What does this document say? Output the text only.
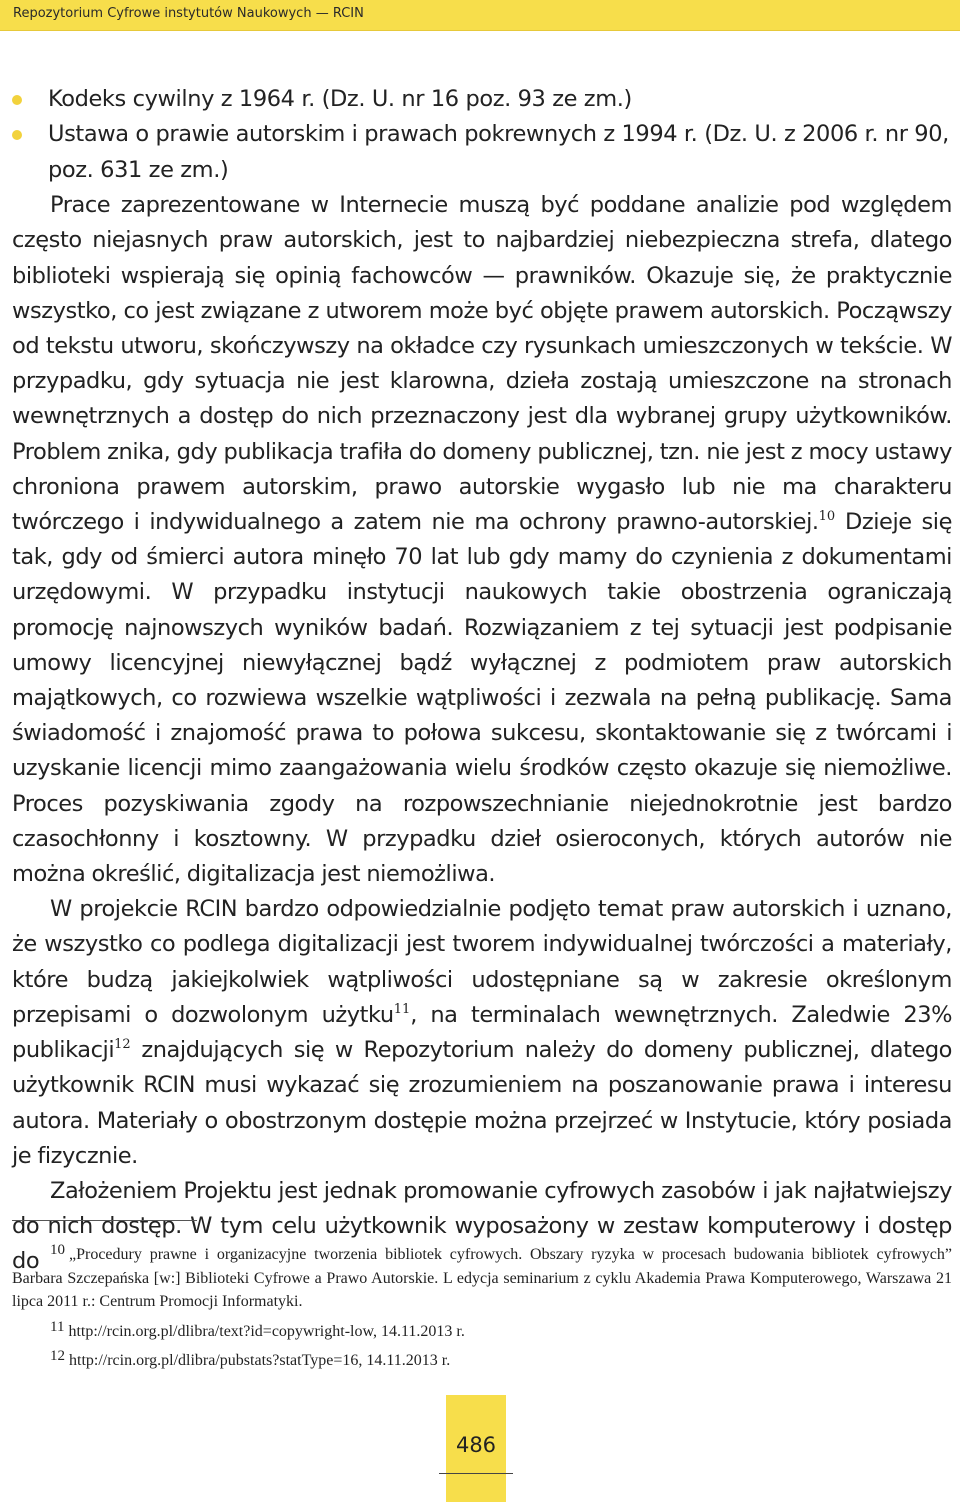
Repozytorium Cyfrowe instytutów Naukowych — RCIN
Kodeks cywilny z 1964 r. (Dz. U. nr 16 poz. 93 ze zm.)
Ustawa o prawie autorskim i prawach pokrewnych z 1994 r. (Dz. U. z 2006 r. nr 90, poz. 631 ze zm.)

Prace zaprezentowane w Internecie muszą być poddane analizie pod względem często niejasnych praw autorskich, jest to najbardziej niebezpieczna strefa, dlatego biblioteki wspierają się opinią fachowców — prawników. Okazuje się, że praktycznie wszystko, co jest związane z utworem może być objęte prawem autorskich. Począwszy od tekstu utworu, skończywszy na okładce czy rysunkach umieszczonych w tekście. W przypadku, gdy sytuacja nie jest klarowna, dzieła zostają umieszczone na stronach wewnętrznych a dostęp do nich przeznaczony jest dla wybranej grupy użytkowników. Problem znika, gdy publikacja trafiła do domeny publicznej, tzn. nie jest z mocy ustawy chroniona prawem autorskim, prawo autorskie wygasło lub nie ma charakteru twórczego i indywidualnego a zatem nie ma ochrony prawno-autorskiej.$^{10}$ Dzieje się tak, gdy od śmierci autora minęło 70 lat lub gdy mamy do czynienia z dokumentami urzędowymi. W przypadku instytucji naukowych takie obostrzenia ograniczają promocję najnowszych wyników badań. Rozwiązaniem z tej sytuacji jest podpisanie umowy licencyjnej niewyłącznej bądź wyłącznej z podmiotem praw autorskich majątkowych, co rozwiewa wszelkie wątpliwości i zezwala na pełną publikację. Sama świadomość i znajomość prawa to połowa sukcesu, skontaktowanie się z twórcami i uzyskanie licencji mimo zaangażowania wielu środków często okazuje się niemożliwe. Proces pozyskiwania zgody na rozpowszechnianie niejednokrotnie jest bardzo czasochłonny i kosztowny. W przypadku dzieł osieroconych, których autorów nie można określić, digitalizacja jest niemożliwa.

W projekcie RCIN bardzo odpowiedzialnie podjęto temat praw autorskich i uznano, że wszystko co podlega digitalizacji jest tworem indywidualnej twórczości a materiały, które budzą jakiejkolwiek wątpliwości udostępniane są w zakresie określonym przepisami o dozwolonym użytku$^{11}$, na terminalach wewnętrznych. Zaledwie 23% publikacji$^{12}$ znajdujących się w Repozytorium należy do domeny publicznej, dlatego użytkownik RCIN musi wykazać się zrozumieniem na poszanowanie prawa i interesu autora. Materiały o obostrzonym dostępie można przejrzeć w Instytucie, który posiada je fizycznie.

Założeniem Projektu jest jednak promowanie cyfrowych zasobów i jak najłatwiejszy do nich dostęp. W tym celu użytkownik wyposażony w zestaw komputerowy i dostęp do 10 „Procedury prawne i organizacyjne tworzenia bibliotek cyfrowych. Obszary ryzyka w procesach budowania bibliotek cyfrowych” Barbara Szczepańska [w:] Biblioteki Cyfrowe a Prawo Autorskie. L edycja seminarium z cyklu Akademia Prawa Komputerowego, Warszawa 21 lipca 2011 r.: Centrum Promocji Informatyki.

11 http://rcin.org.pl/dlibra/text?id=copywright-low, 14.11.2013 r.

12 http://rcin.org.pl/dlibra/pubstats?statType=16, 14.11.2013 r.

486
